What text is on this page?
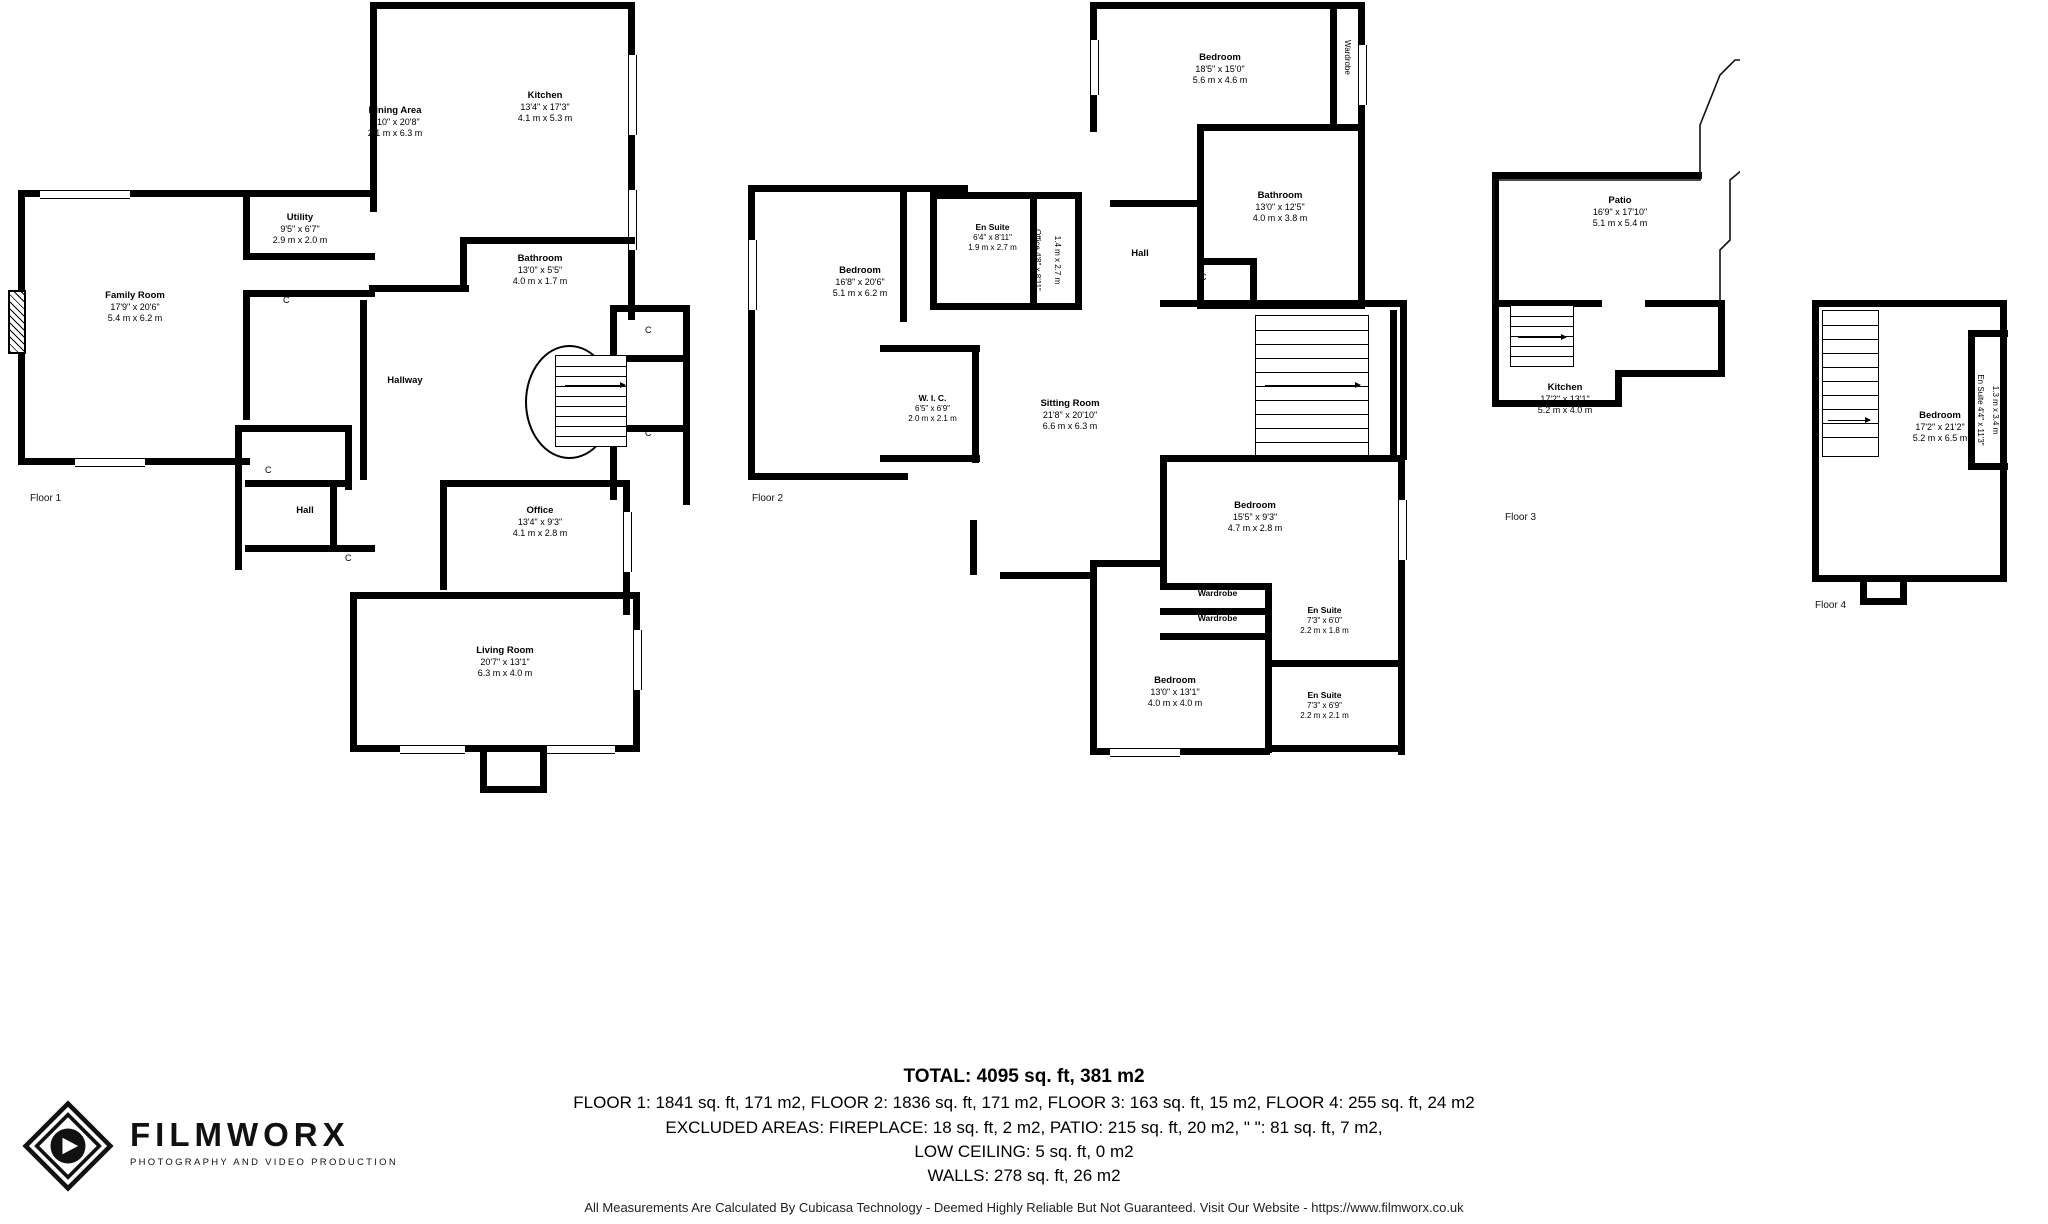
Dining Area
6'10" x 20'8"
2.1 m x 6.3 m
Kitchen
13'4" x 17'3"
4.1 m x 5.3 m
Utility
9'5" x 6'7"
2.9 m x 2.0 m
Bathroom
13'0" x 5'5"
4.0 m x 1.7 m
Family Room
17'9" x 20'6"
5.4 m x 6.2 m
Hallway
Hall	Office
13'4" x 9'3"
4.1 m x 2.8 m
Living Room
20'7" x 13'1"
6.3 m x 4.0 m
C
C
C
C
C
Floor 1
Bedroom
18'5" x 15'0"
5.6 m x 4.6 m
Wardrobe
Bathroom
13'0" x 12'5"
4.0 m x 3.8 m
En Suite
6'4" x 8'11"
1.9 m x 2.7 m	Office 4'8" x 8'11" 1.4 m x 2.7 m	Hall
Bedroom
16'8" x 20'6"
5.1 m x 6.2 m
W. I. C.
6'5" x 6'9"
2.0 m x 2.1 m
Sitting Room
21'8" x 20'10"
6.6 m x 6.3 m
Bedroom
15'5" x 9'3"
4.7 m x 2.8 m
Wardrobe
Wardrobe
En Suite
7'3" x 6'0"
2.2 m x 1.8 m
Bedroom
13'0" x 13'1"
4.0 m x 4.0 m
En Suite
7'3" x 6'9"
2.2 m x 2.1 m
C
Floor 2
Patio
16'9" x 17'10"
5.1 m x 5.4 m
Kitchen
17'2" x 13'1"
5.2 m x 4.0 m
Floor 3
Bedroom
17'2" x 21'2"
5.2 m x 6.5 m
En Suite 4'4" x 11'3" 1.3 m x 3.4 m
Floor 4
TOTAL: 4095 sq. ft, 381 m2
FLOOR 1: 1841 sq. ft, 171 m2, FLOOR 2: 1836 sq. ft, 171 m2, FLOOR 3: 163 sq. ft, 15 m2, FLOOR 4: 255 sq. ft, 24 m2
EXCLUDED AREAS: FIREPLACE: 18 sq. ft, 2 m2, PATIO: 215 sq. ft, 20 m2, " ": 81 sq. ft, 7 m2,
LOW CEILING: 5 sq. ft, 0 m2
WALLS: 278 sq. ft, 26 m2
All Measurements Are Calculated By Cubicasa Technology - Deemed Highly Reliable But Not Guaranteed. Visit Our Website - https://www.filmworx.co.uk
FILMWORX
PHOTOGRAPHY AND VIDEO PRODUCTION
